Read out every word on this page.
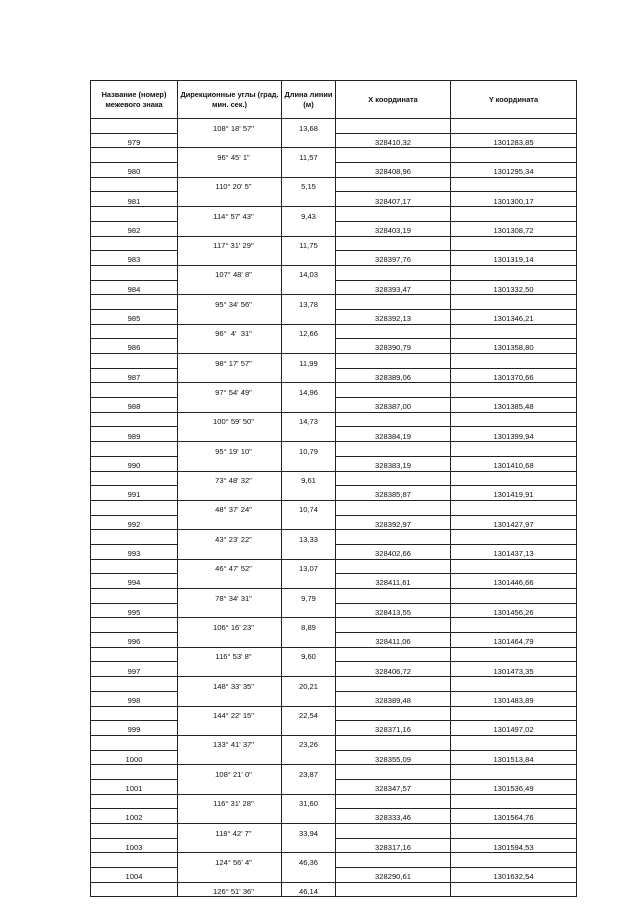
Название (номер) межевого знака	Дирекционные углы (град. мин. сек.)	Длина линии (м)	X координата	Y координата
	108° 18' 57"	13,68		
979			328410,32	1301283,85
	96° 45' 1"	11,57		
980			328408,96	1301295,34
	110° 20' 5"	5,15		
981			328407,17	1301300,17
	114° 57' 43"	9,43		
982			328403,19	1301308,72
	117° 31' 29"	11,75		
983			328397,76	1301319,14
	107° 48' 8"	14,03		
984			328393,47	1301332,50
	95° 34' 56"	13,78		
985			328392,13	1301346,21
	96°  4'  31"	12,66		
986			328390,79	1301358,80
	98° 17' 57"	11,99		
987			328389,06	1301370,66
	97° 54' 49"	14,96		
988			328387,00	1301385,48
	100° 59' 50"	14,73		
989			328384,19	1301399,94
	95° 19' 10"	10,79		
990			328383,19	1301410,68
	73° 48' 32"	9,61		
991			328385,87	1301419,91
	48° 37' 24"	10,74		
992			328392,97	1301427,97
	43° 23' 22"	13,33		
993			328402,66	1301437,13
	46° 47' 52"	13,07		
994			328411,61	1301446,66
	78° 34' 31"	9,79		
995			328413,55	1301456,26
	106° 16' 23"	8,89		
996			328411,06	1301464,79
	116° 53' 8"	9,60		
997			328406,72	1301473,35
	148° 33' 35"	20,21		
998			328389,48	1301483,89
	144° 22' 15"	22,54		
999			328371,16	1301497,02
	133° 41' 37"	23,26		
1000			328355,09	1301513,84
	108° 21' 0"	23,87		
1001			328347,57	1301536,49
	116° 31' 28"	31,60		
1002			328333,46	1301564,76
	118° 42' 7"	33,94		
1003			328317,16	1301594,53
	124° 56' 4"	46,36		
1004			328290,61	1301632,54
	126° 51' 36"	46,14		
